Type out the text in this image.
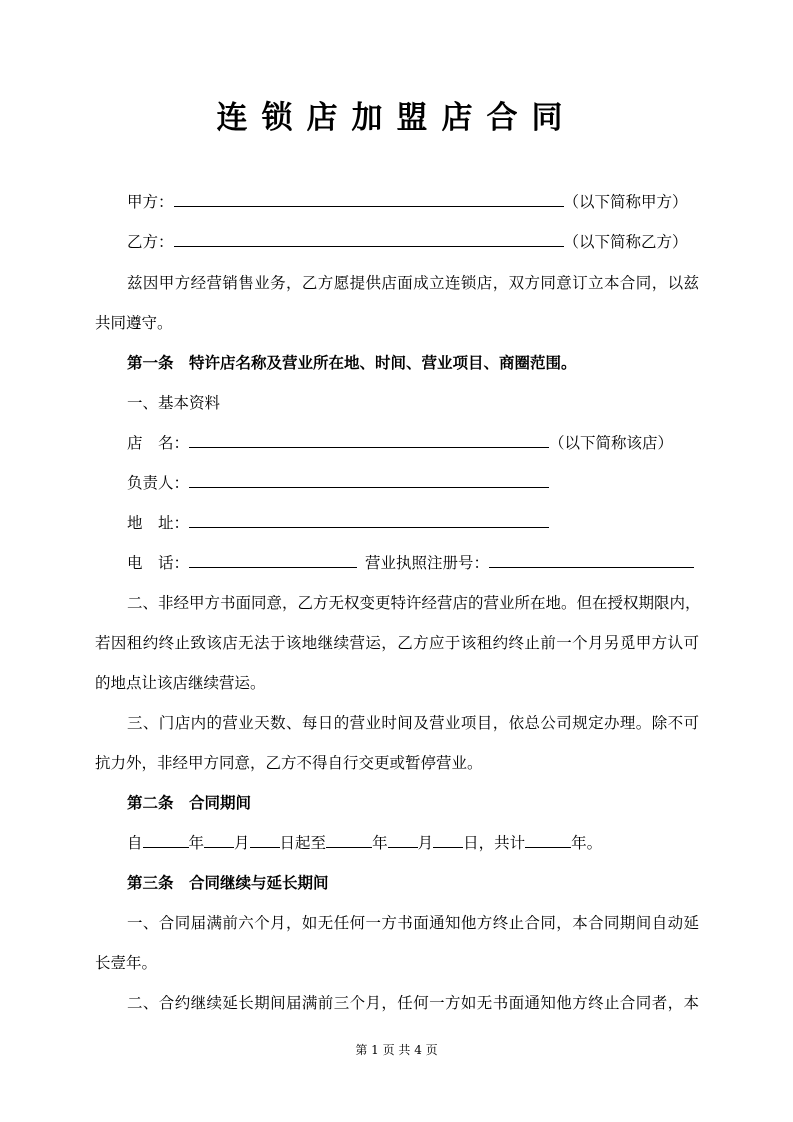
连锁店加盟店合同
甲方：	（以下简称甲方）
乙方：	（以下简称乙方）
兹因甲方经营销售业务，乙方愿提供店面成立连锁店，双方同意订立本合同，以兹
共同遵守。
第一条　特许店名称及营业所在地、时间、营业项目、商圈范围。
一、基本资料
店　名：	（以下简称该店）
负责人：
地　址：
电　话：	营业执照注册号：
二、非经甲方书面同意，乙方无权变更特许经营店的营业所在地。但在授权期限内，
若因租约终止致该店无法于该地继续营运，乙方应于该租约终止前一个月另觅甲方认可
的地点让该店继续营运。
三、门店内的营业天数、每日的营业时间及营业项目，依总公司规定办理。除不可
抗力外，非经甲方同意，乙方不得自行交更或暂停营业。
第二条　合同期间
自	年 月 日起至	年 月 日，共计	年。
第三条　合同继续与延长期间
一、合同届满前六个月，如无任何一方书面通知他方终止合同，本合同期间自动延
长壹年。
二、合约继续延长期间届满前三个月，任何一方如无书面通知他方终止合同者，本
第 1 页 共 4 页
